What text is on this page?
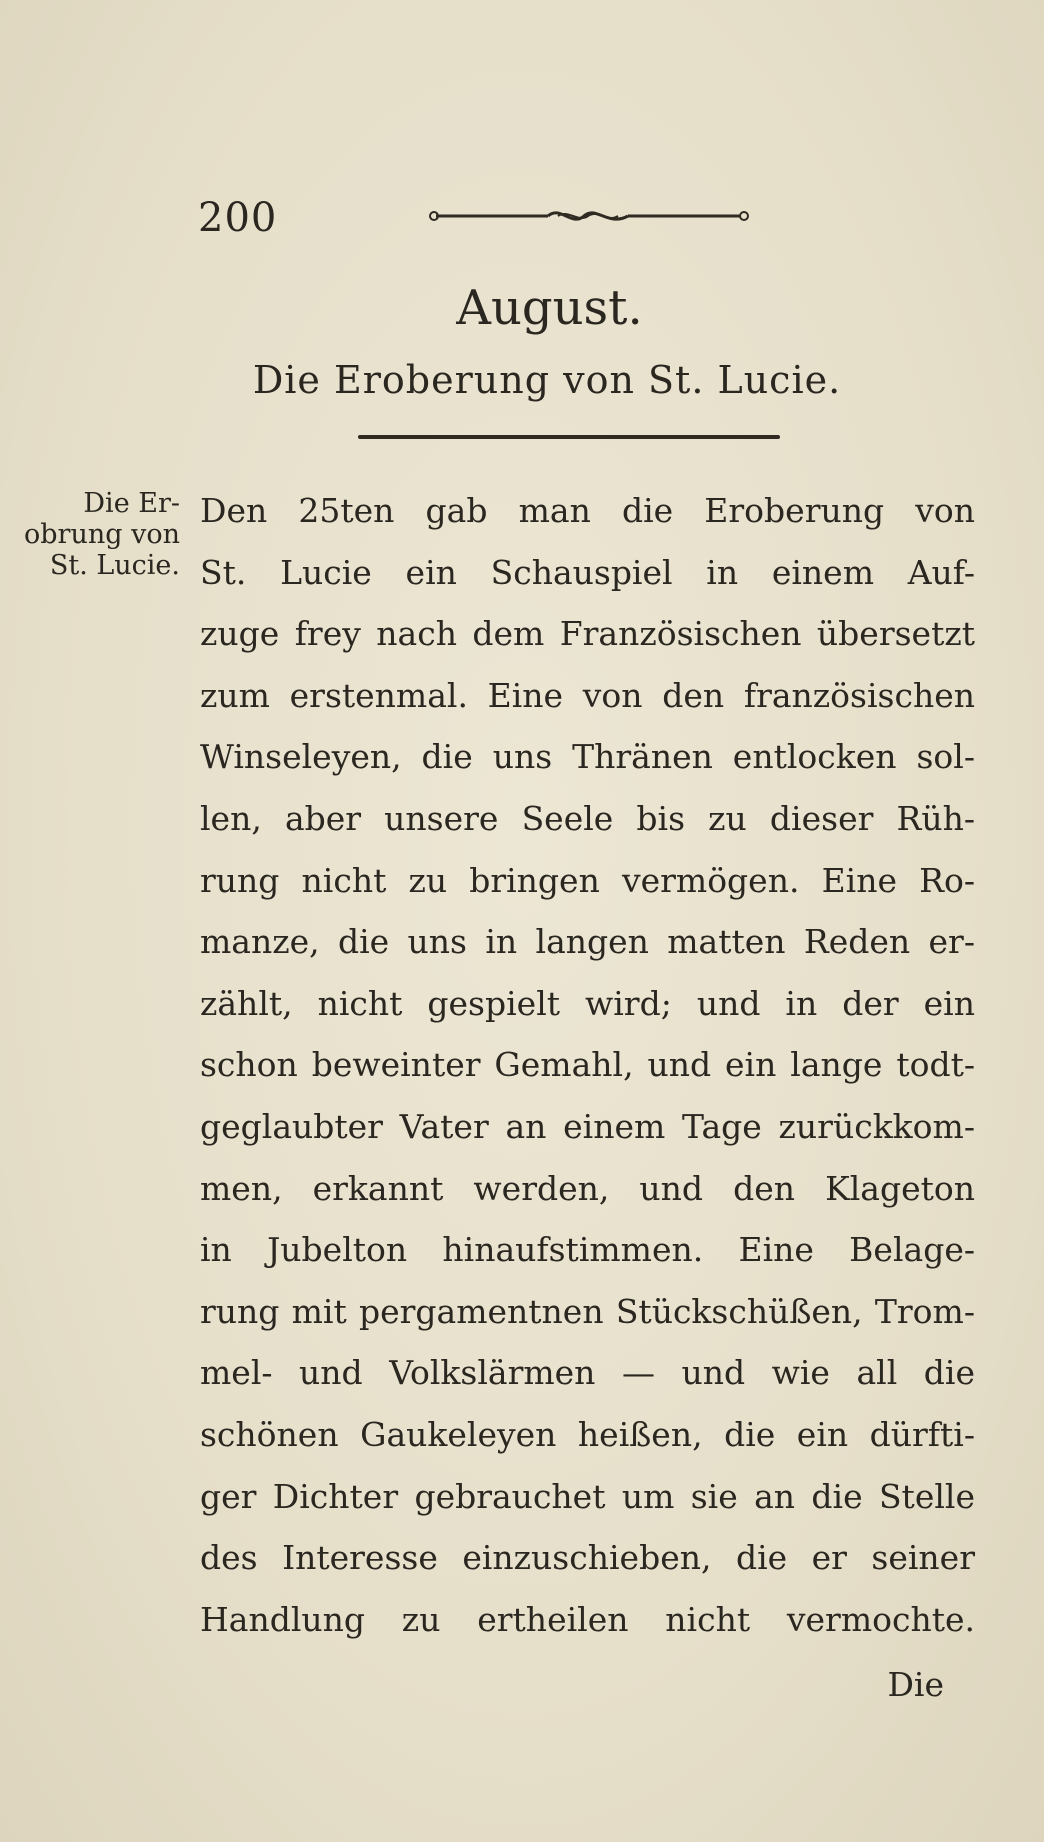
200
August.
Die Eroberung von St. Lucie.
Die Er-
obrung von
St. Lucie.
Den 25ten gab man die Eroberung von
St. Lucie ein Schauspiel in einem Auf-
zuge frey nach dem Französischen übersetzt
zum erstenmal. Eine von den französischen
Winseleyen, die uns Thränen entlocken sol-
len, aber unsere Seele bis zu dieser Rüh-
rung nicht zu bringen vermögen. Eine Ro-
manze, die uns in langen matten Reden er-
zählt, nicht gespielt wird; und in der ein
schon beweinter Gemahl, und ein lange todt-
geglaubter Vater an einem Tage zurückkom-
men, erkannt werden, und den Klageton
in Jubelton hinaufstimmen. Eine Belage-
rung mit pergamentnen Stückschüßen, Trom-
mel- und Volkslärmen — und wie all die
schönen Gaukeleyen heißen, die ein dürfti-
ger Dichter gebrauchet um sie an die Stelle
des Interesse einzuschieben, die er seiner
Handlung zu ertheilen nicht vermochte.
Die
